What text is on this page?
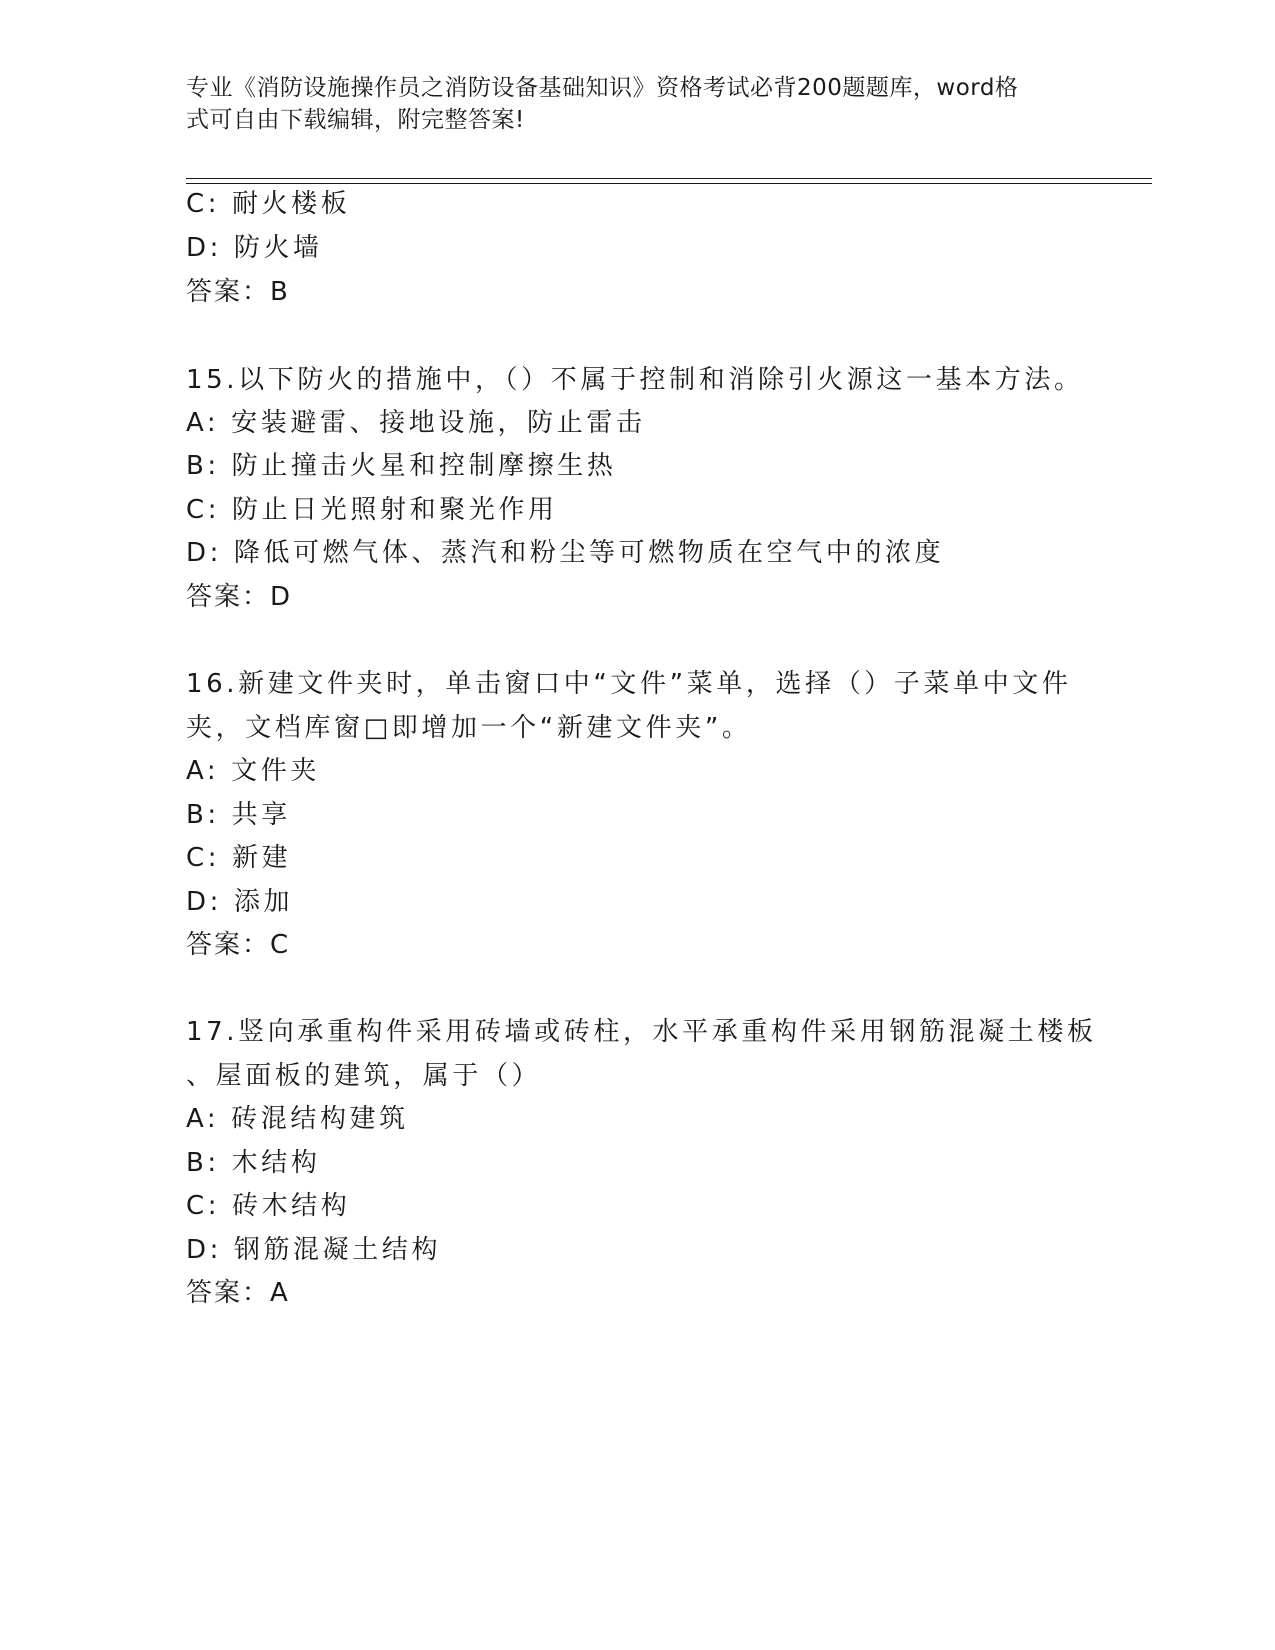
专业《消防设施操作员之消防设备基础知识》资格考试必背200题题库，word格
式可自由下载编辑，附完整答案!
C: 耐火楼板
D: 防火墙
答案：B
15.以下防火的措施中，（）不属于控制和消除引火源这一基本方法。
A: 安装避雷、接地设施，防止雷击
B: 防止撞击火星和控制摩擦生热
C: 防止日光照射和聚光作用
D: 降低可燃气体、蒸汽和粉尘等可燃物质在空气中的浓度
答案：D
16.新建文件夹时，单击窗口中“文件”菜单，选择（）子菜单中文件
夹，文档库窗□即增加一个“新建文件夹”。
A: 文件夹
B: 共享
C: 新建
D: 添加
答案：C
17.竖向承重构件采用砖墙或砖柱，水平承重构件采用钢筋混凝土楼板
、屋面板的建筑，属于（）
A: 砖混结构建筑
B: 木结构
C: 砖木结构
D: 钢筋混凝土结构
答案：A
